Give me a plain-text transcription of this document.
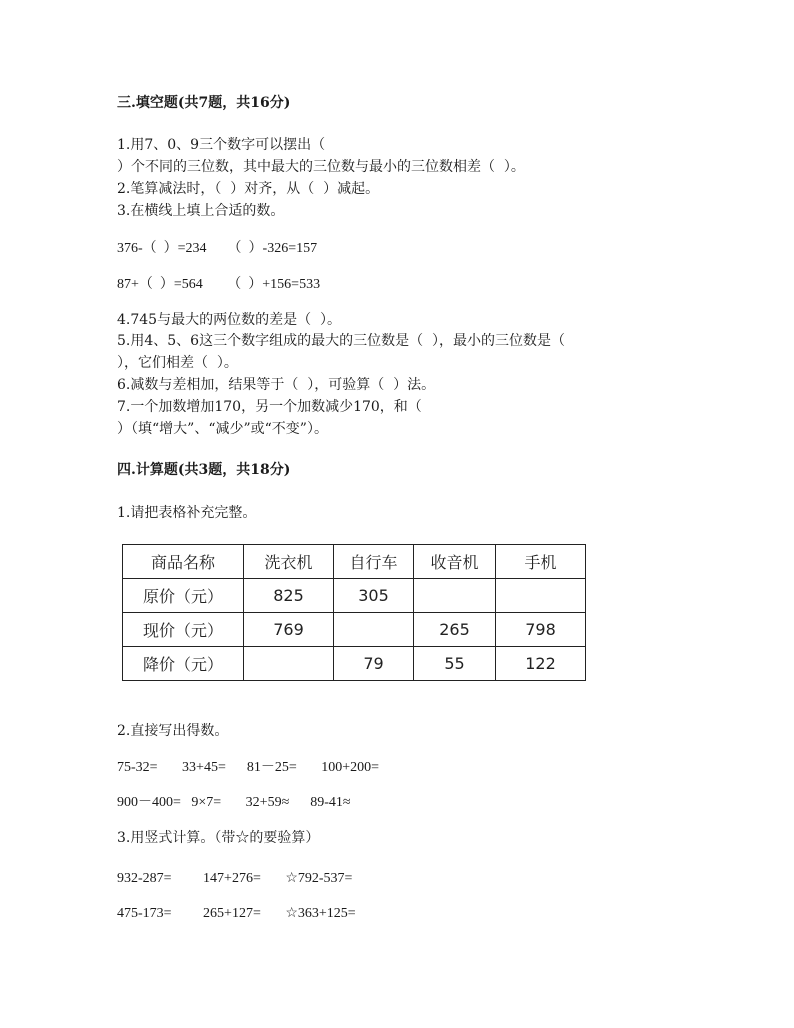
三.填空题(共7题，共16分)
1.用7、0、9三个数字可以摆出（
）个不同的三位数，其中最大的三位数与最小的三位数相差（  ）。
2.笔算减法时，（  ）对齐，从（  ）减起。
3.在横线上填上合适的数。
376-（  ）=234      （  ）-326=157
87+（  ）=564       （  ）+156=533
4.745与最大的两位数的差是（  ）。
5.用4、5、6这三个数字组成的最大的三位数是（  ），最小的三位数是（
），它们相差（  ）。
6.减数与差相加，结果等于（  ），可验算（  ）法。
7.一个加数增加170，另一个加数减少170，和（
）（填“增大”、“减少”或“不变”）。
四.计算题(共3题，共18分)
1.请把表格补充完整。
商品名称	洗衣机	自行车	收音机	手机
原价（元）	825	305		
现价（元）	769		265	798
降价（元）		79	55	122
2.直接写出得数。
75-32=       33+45=      81－25=       100+200=
900－400=   9×7=       32+59≈      89-41≈
3.用竖式计算。（带☆的要验算）
932-287=         147+276=       ☆792-537=
475-173=         265+127=       ☆363+125=
